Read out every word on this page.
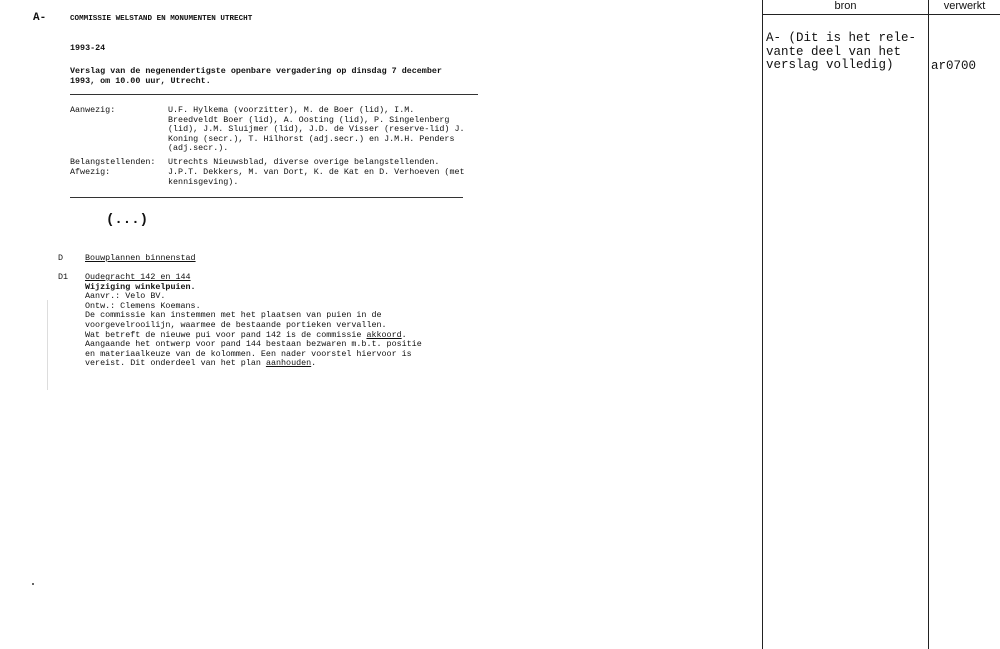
A-	COMMISSIE WELSTAND EN MONUMENTEN UTRECHT
1993-24
Verslag van de negenendertigste openbare vergadering op dinsdag 7 december
1993, om 10.00 uur, Utrecht.
Aanwezig:	U.F. Hylkema (voorzitter), M. de Boer (lid), I.M.
Breedveldt Boer (lid), A. Oosting (lid), P. Singelenberg
(lid), J.M. Sluijmer (lid), J.D. de Visser (reserve-lid) J.
Koning (secr.), T. Hilhorst (adj.secr.) en J.M.H. Penders
(adj.secr.).
Belangstellenden: Utrechts Nieuwsblad, diverse overige belangstellenden.
Afwezig:	J.P.T. Dekkers, M. van Dort, K. de Kat en D. Verhoeven (met
kennisgeving).
(...)
D	Bouwplannen binnenstad
D1 Oudegracht 142 en 144
Wijziging winkelpuien.
Aanvr.: Velo BV.
Ontw.: Clemens Koemans.
De commissie kan instemmen met het plaatsen van puien in de
voorgevelrooilijn, waarmee de bestaande portieken vervallen.
Wat betreft de nieuwe pui voor pand 142 is de commissie akkoord.
Aangaande het ontwerp voor pand 144 bestaan bezwaren m.b.t. positie
en materiaalkeuze van de kolommen. Een nader voorstel hiervoor is
vereist. Dit onderdeel van het plan aanhouden.
bron	verwerkt
A- (Dit is het rele-
vante deel van het
verslag volledig)	ar0700
